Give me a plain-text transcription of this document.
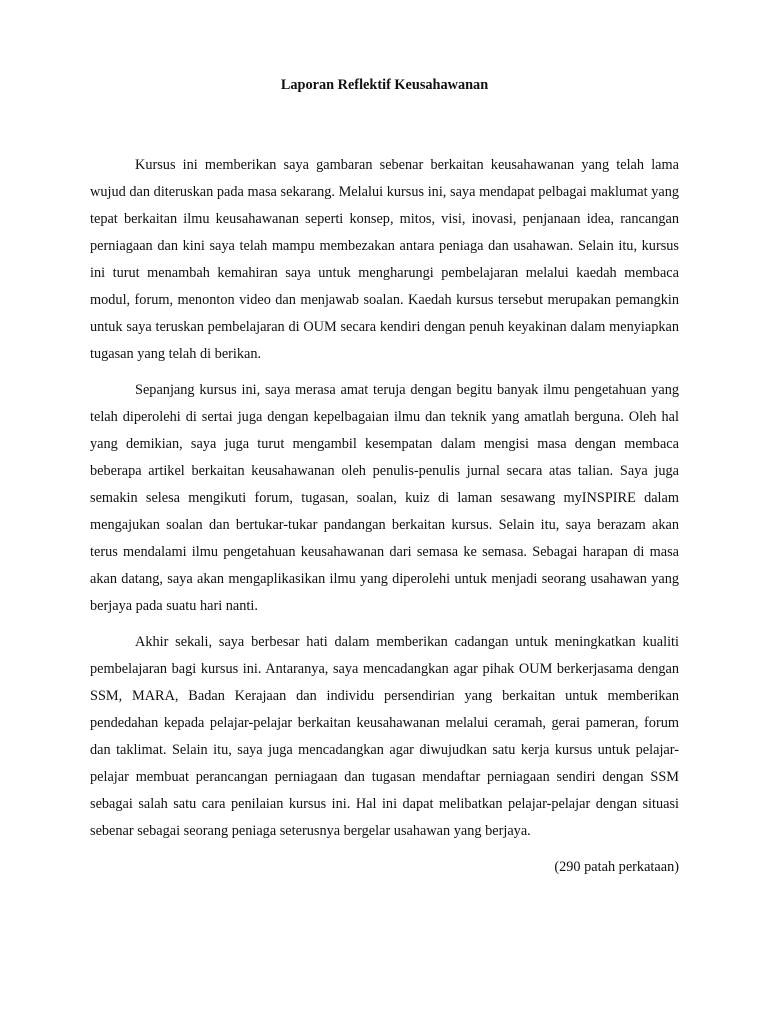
Laporan Reflektif Keusahawanan

Kursus ini memberikan saya gambaran sebenar berkaitan keusahawanan yang telah lama wujud dan diteruskan pada masa sekarang. Melalui kursus ini, saya mendapat pelbagai maklumat yang tepat berkaitan ilmu keusahawanan seperti konsep, mitos, visi, inovasi, penjanaan idea, rancangan perniagaan dan kini saya telah mampu membezakan antara peniaga dan usahawan. Selain itu, kursus ini turut menambah kemahiran saya untuk mengharungi pembelajaran melalui kaedah membaca modul, forum, menonton video dan menjawab soalan. Kaedah kursus tersebut merupakan pemangkin untuk saya teruskan pembelajaran di OUM secara kendiri dengan penuh keyakinan dalam menyiapkan tugasan yang telah di berikan.

Sepanjang kursus ini, saya merasa amat teruja dengan begitu banyak ilmu pengetahuan yang telah diperolehi di sertai juga dengan kepelbagaian ilmu dan teknik yang amatlah berguna. Oleh hal yang demikian, saya juga turut mengambil kesempatan dalam mengisi masa dengan membaca beberapa artikel berkaitan keusahawanan oleh penulis-penulis jurnal secara atas talian. Saya juga semakin selesa mengikuti forum, tugasan, soalan, kuiz di laman sesawang myINSPIRE dalam mengajukan soalan dan bertukar-tukar pandangan berkaitan kursus. Selain itu, saya berazam akan terus mendalami ilmu pengetahuan keusahawanan dari semasa ke semasa. Sebagai harapan di masa akan datang, saya akan mengaplikasikan ilmu yang diperolehi untuk menjadi seorang usahawan yang berjaya pada suatu hari nanti.

Akhir sekali, saya berbesar hati dalam memberikan cadangan untuk meningkatkan kualiti pembelajaran bagi kursus ini. Antaranya, saya mencadangkan agar pihak OUM berkerjasama dengan SSM, MARA, Badan Kerajaan dan individu persendirian yang berkaitan untuk memberikan pendedahan kepada pelajar-pelajar berkaitan keusahawanan melalui ceramah, gerai pameran, forum dan taklimat. Selain itu, saya juga mencadangkan agar diwujudkan satu kerja kursus untuk pelajar-pelajar membuat perancangan perniagaan dan tugasan mendaftar perniagaan sendiri dengan SSM sebagai salah satu cara penilaian kursus ini. Hal ini dapat melibatkan pelajar-pelajar dengan situasi sebenar sebagai seorang peniaga seterusnya bergelar usahawan yang berjaya.

(290 patah perkataan)
